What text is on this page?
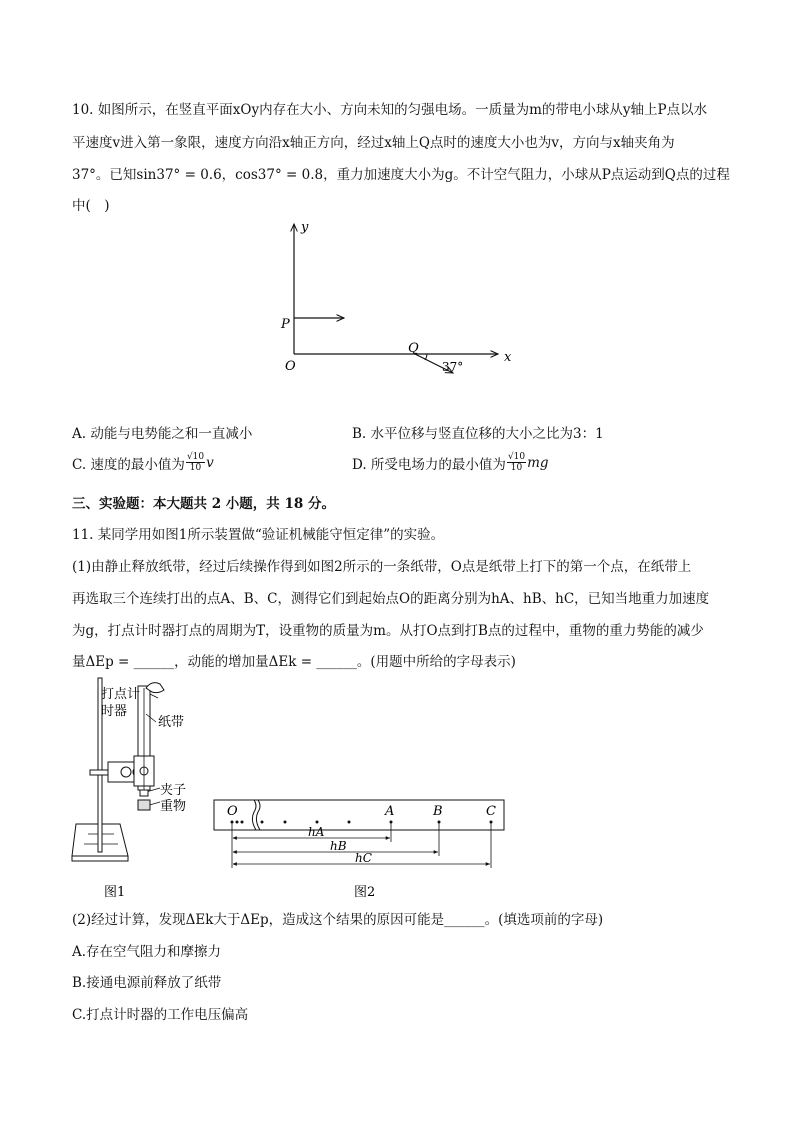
10. 如图所示，在竖直平面xOy内存在大小、方向未知的匀强电场。一质量为m的带电小球从y轴上P点以水
平速度v进入第一象限，速度方向沿x轴正方向，经过x轴上Q点时的速度大小也为v，方向与x轴夹角为
37°。已知sin37° = 0.6，cos37° = 0.8，重力加速度大小为g。不计空气阻力，小球从P点运动到Q点的过程
中(　)
y
x
O
P
Q
37°
A. 动能与电势能之和一直减小	B. 水平位移与竖直位移的大小之比为3：1
C. 速度的最小值为 $\frac{√10}{10}$ v	D. 所受电场力的最小值为 $\frac{√10}{10}$ mg
三、实验题：本大题共 2 小题，共 18 分。
11. 某同学用如图1所示装置做“验证机械能守恒定律”的实验。
(1)由静止释放纸带，经过后续操作得到如图2所示的一条纸带，O点是纸带上打下的第一个点，在纸带上
再选取三个连续打出的点A、B、C，测得它们到起始点O的距离分别为hA、hB、hC，已知当地重力加速度
为g，打点计时器打点的周期为T，设重物的质量为m。从打O点到打B点的过程中，重物的重力势能的减少
量ΔEp = ______，动能的增加量ΔEk = ______。(用题中所给的字母表示)
打点计
时器
纸带
夹子
重物
图1
O	A	B	C
hA
hB
hC
图2
(2)经过计算，发现ΔEk大于ΔEp，造成这个结果的原因可能是______。(填选项前的字母)
A.存在空气阻力和摩擦力
B.接通电源前释放了纸带
C.打点计时器的工作电压偏高
